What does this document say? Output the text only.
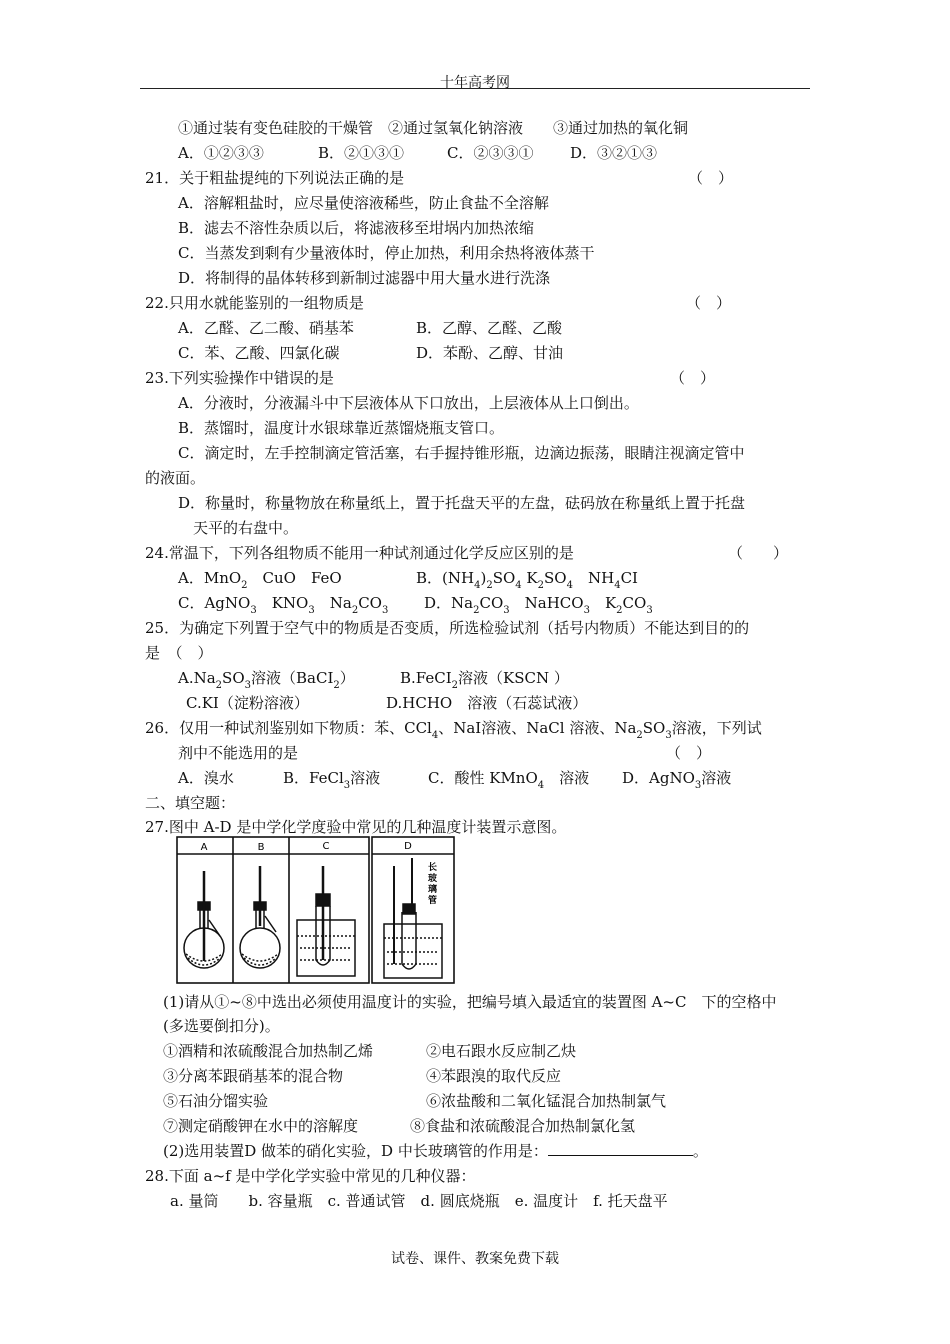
十年高考网
①通过装有变色硅胶的干燥管　②通过氢氧化钠溶液　　③通过加热的氧化铜
A．①②③③	B．②①③①	C．②③③① D．③②①③
21．关于粗盐提纯的下列说法正确的是	（　）
A．溶解粗盐时，应尽量使溶液稀些，防止食盐不全溶解
B．滤去不溶性杂质以后，将滤液移至坩埚内加热浓缩
C．当蒸发到剩有少量液体时，停止加热，利用余热将液体蒸干
D．将制得的晶体转移到新制过滤器中用大量水进行洗涤
22.只用水就能鉴别的一组物质是	（　）
A．乙醛、乙二酸、硝基苯	B．乙醇、乙醛、乙酸
C．苯、乙酸、四氯化碳	D．苯酚、乙醇、甘油
23.下列实验操作中错误的是	（　）
A．分液时，分液漏斗中下层液体从下口放出，上层液体从上口倒出。
B．蒸馏时，温度计水银球靠近蒸馏烧瓶支管口。
C．滴定时，左手控制滴定管活塞，右手握持锥形瓶，边滴边振荡，眼睛注视滴定管中
的液面。
D．称量时，称量物放在称量纸上，置于托盘天平的左盘，砝码放在称量纸上置于托盘
天平的右盘中。
24.常温下，下列各组物质不能用一种试剂通过化学反应区别的是	（　　）
A．MnO$_2$　CuO　FeO	B．$(NH_4)_2SO_4$ $K_2SO_4$　$NH_4CI$
C．AgNO$_3$　$KNO_3$　$Na_2CO_3$ D．$Na_2CO_3$　NaHCO$_3$　$K_2CO_3$
25．为确定下列置于空气中的物质是否变质，所选检验试剂（括号内物质）不能达到目的的
是　（　）
$A.Na_2SO_3$溶液（BaCI$_2$）	B.FeCI$_2$溶液（KSCN ）
C.KI（淀粉溶液）	D.HCHO　溶液（石蕊试液）
26．仅用一种试剂鉴别如下物质：苯、CCl$_4$、NaI溶液、NaCl 溶液、$Na_2SO_3$溶液，下列试
剂中不能选用的是	（　）
A．溴水	B．FeCl$_3$溶液	C．酸性 KMnO$_4$　溶液 D．AgNO$_3$溶液
二、填空题：
27.图中 A-D 是中学化学度验中常见的几种温度计装置示意图。
A	B	C	D
长玻璃管
(1)请从①~⑧中选出必须使用温度计的实验，把编号填入最适宜的装置图 A~C　下的空格中
(多选要倒扣分)。
①酒精和浓硫酸混合加热制乙烯	②电石跟水反应制乙炔
③分离苯跟硝基苯的混合物	④苯跟溴的取代反应
⑤石油分馏实验	⑥浓盐酸和二氧化锰混合加热制氯气
⑦测定硝酸钾在水中的溶解度	⑧食盐和浓硫酸混合加热制氯化氢
(2)选用装置D 做苯的硝化实验，D 中长玻璃管的作用是：	。
28.下面 a~f 是中学化学实验中常见的几种仪器：
a. 量筒　　b. 容量瓶　c. 普通试管　d. 圆底烧瓶　e. 温度计　f. 托天盘平
试卷、课件、教案免费下载
